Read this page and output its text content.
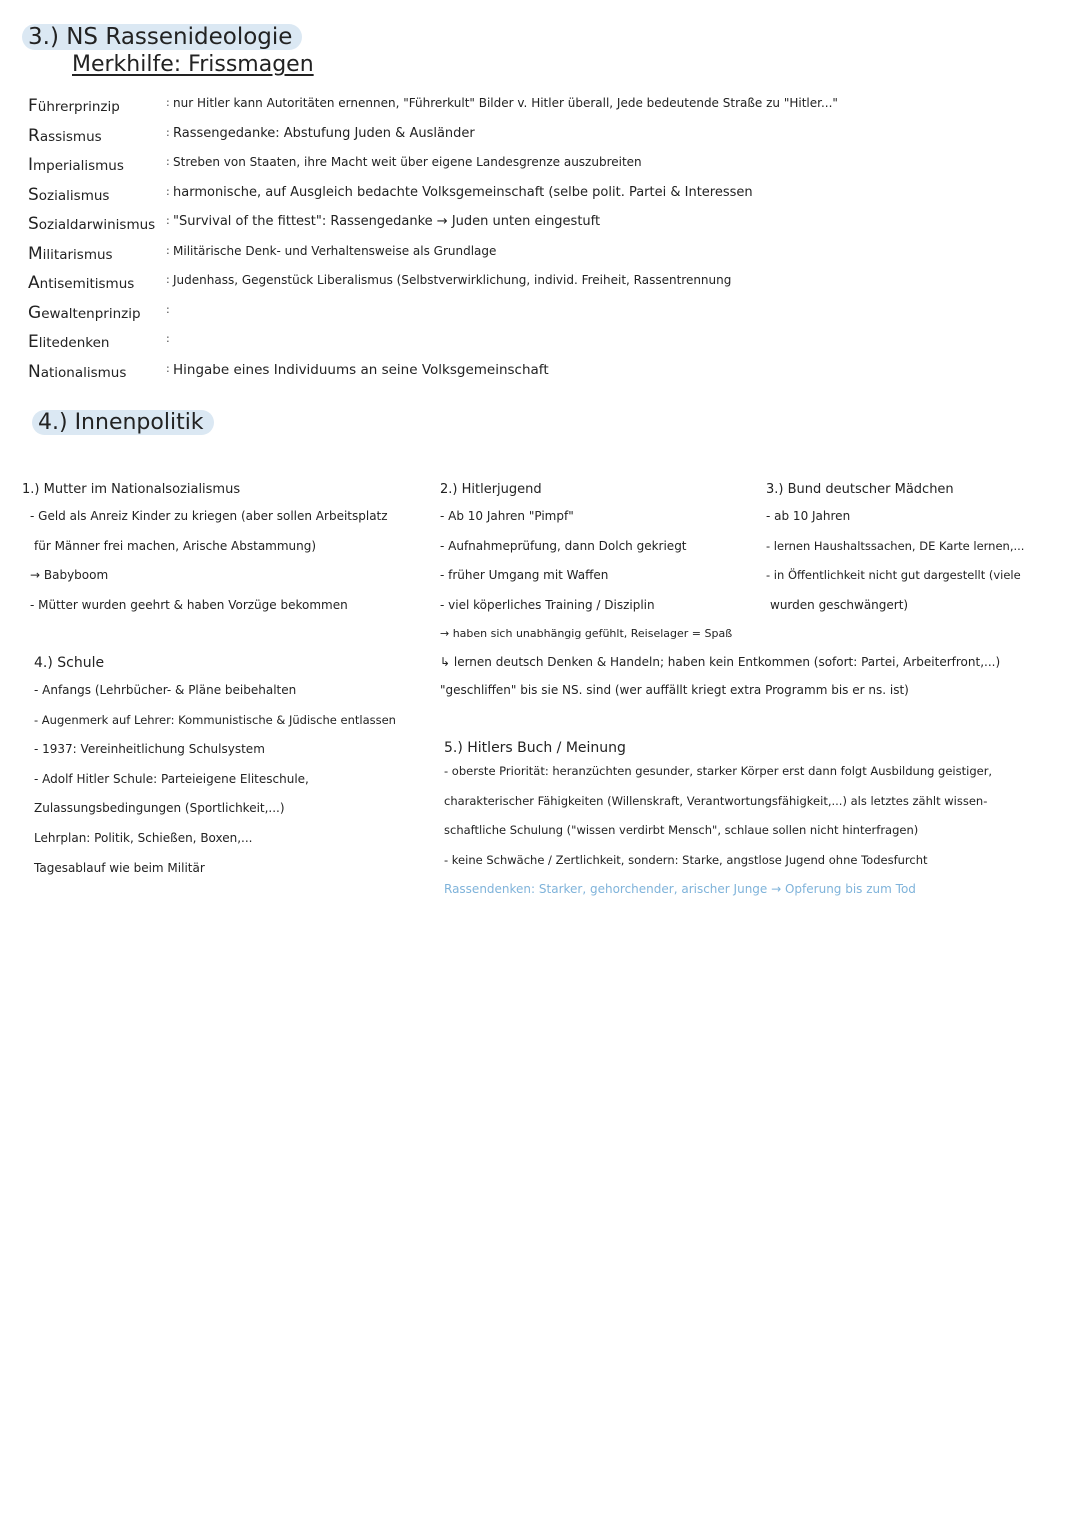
3.) NS Rassenideologie
Merkhilfe: Frissmagen
Führerprinzip	: nur Hitler kann Autoritäten ernennen, "Führerkult" Bilder v. Hitler überall, Jede bedeutende Straße zu "Hitler..."
Rassismus	: Rassengedanke: Abstufung Juden & Ausländer
Imperialismus	: Streben von Staaten, ihre Macht weit über eigene Landesgrenze auszubreiten
Sozialismus	: harmonische, auf Ausgleich bedachte Volksgemeinschaft (selbe polit. Partei & Interessen
Sozialdarwinismus : "Survival of the fittest": Rassengedanke → Juden unten eingestuft
Militarismus	: Militärische Denk- und Verhaltensweise als Grundlage
Antisemitismus	: Judenhass, Gegenstück Liberalismus (Selbstverwirklichung, individ. Freiheit, Rassentrennung
Gewaltenprinzip :
Elitedenken	:
Nationalismus	: Hingabe eines Individuums an seine Volksgemeinschaft
4.) Innenpolitik
1.) Mutter im Nationalsozialismus
- Geld als Anreiz Kinder zu kriegen (aber sollen Arbeitsplatz
für Männer frei machen, Arische Abstammung)
→ Babyboom
- Mütter wurden geehrt & haben Vorzüge bekommen
2.) Hitlerjugend
- Ab 10 Jahren "Pimpf"
- Aufnahmeprüfung, dann Dolch gekriegt
- früher Umgang mit Waffen
- viel köperliches Training / Disziplin
→ haben sich unabhängig gefühlt, Reiselager = Spaß
↳ lernen deutsch Denken & Handeln; haben kein Entkommen (sofort: Partei, Arbeiterfront,...)
"geschliffen" bis sie NS. sind (wer auffällt kriegt extra Programm bis er ns. ist)
3.) Bund deutscher Mädchen
- ab 10 Jahren
- lernen Haushaltssachen, DE Karte lernen,...
- in Öffentlichkeit nicht gut dargestellt (viele
wurden geschwängert)
4.) Schule
- Anfangs (Lehrbücher- & Pläne beibehalten
- Augenmerk auf Lehrer: Kommunistische & Jüdische entlassen
- 1937: Vereinheitlichung Schulsystem
- Adolf Hitler Schule: Parteieigene Eliteschule,
Zulassungsbedingungen (Sportlichkeit,...)
Lehrplan: Politik, Schießen, Boxen,...
Tagesablauf wie beim Militär
5.) Hitlers Buch / Meinung
- oberste Priorität: heranzüchten gesunder, starker Körper erst dann folgt Ausbildung geistiger,
charakterischer Fähigkeiten (Willenskraft, Verantwortungsfähigkeit,...) als letztes zählt wissen-
schaftliche Schulung ("wissen verdirbt Mensch", schlaue sollen nicht hinterfragen)
- keine Schwäche / Zertlichkeit, sondern: Starke, angstlose Jugend ohne Todesfurcht
Rassendenken: Starker, gehorchender, arischer Junge → Opferung bis zum Tod
